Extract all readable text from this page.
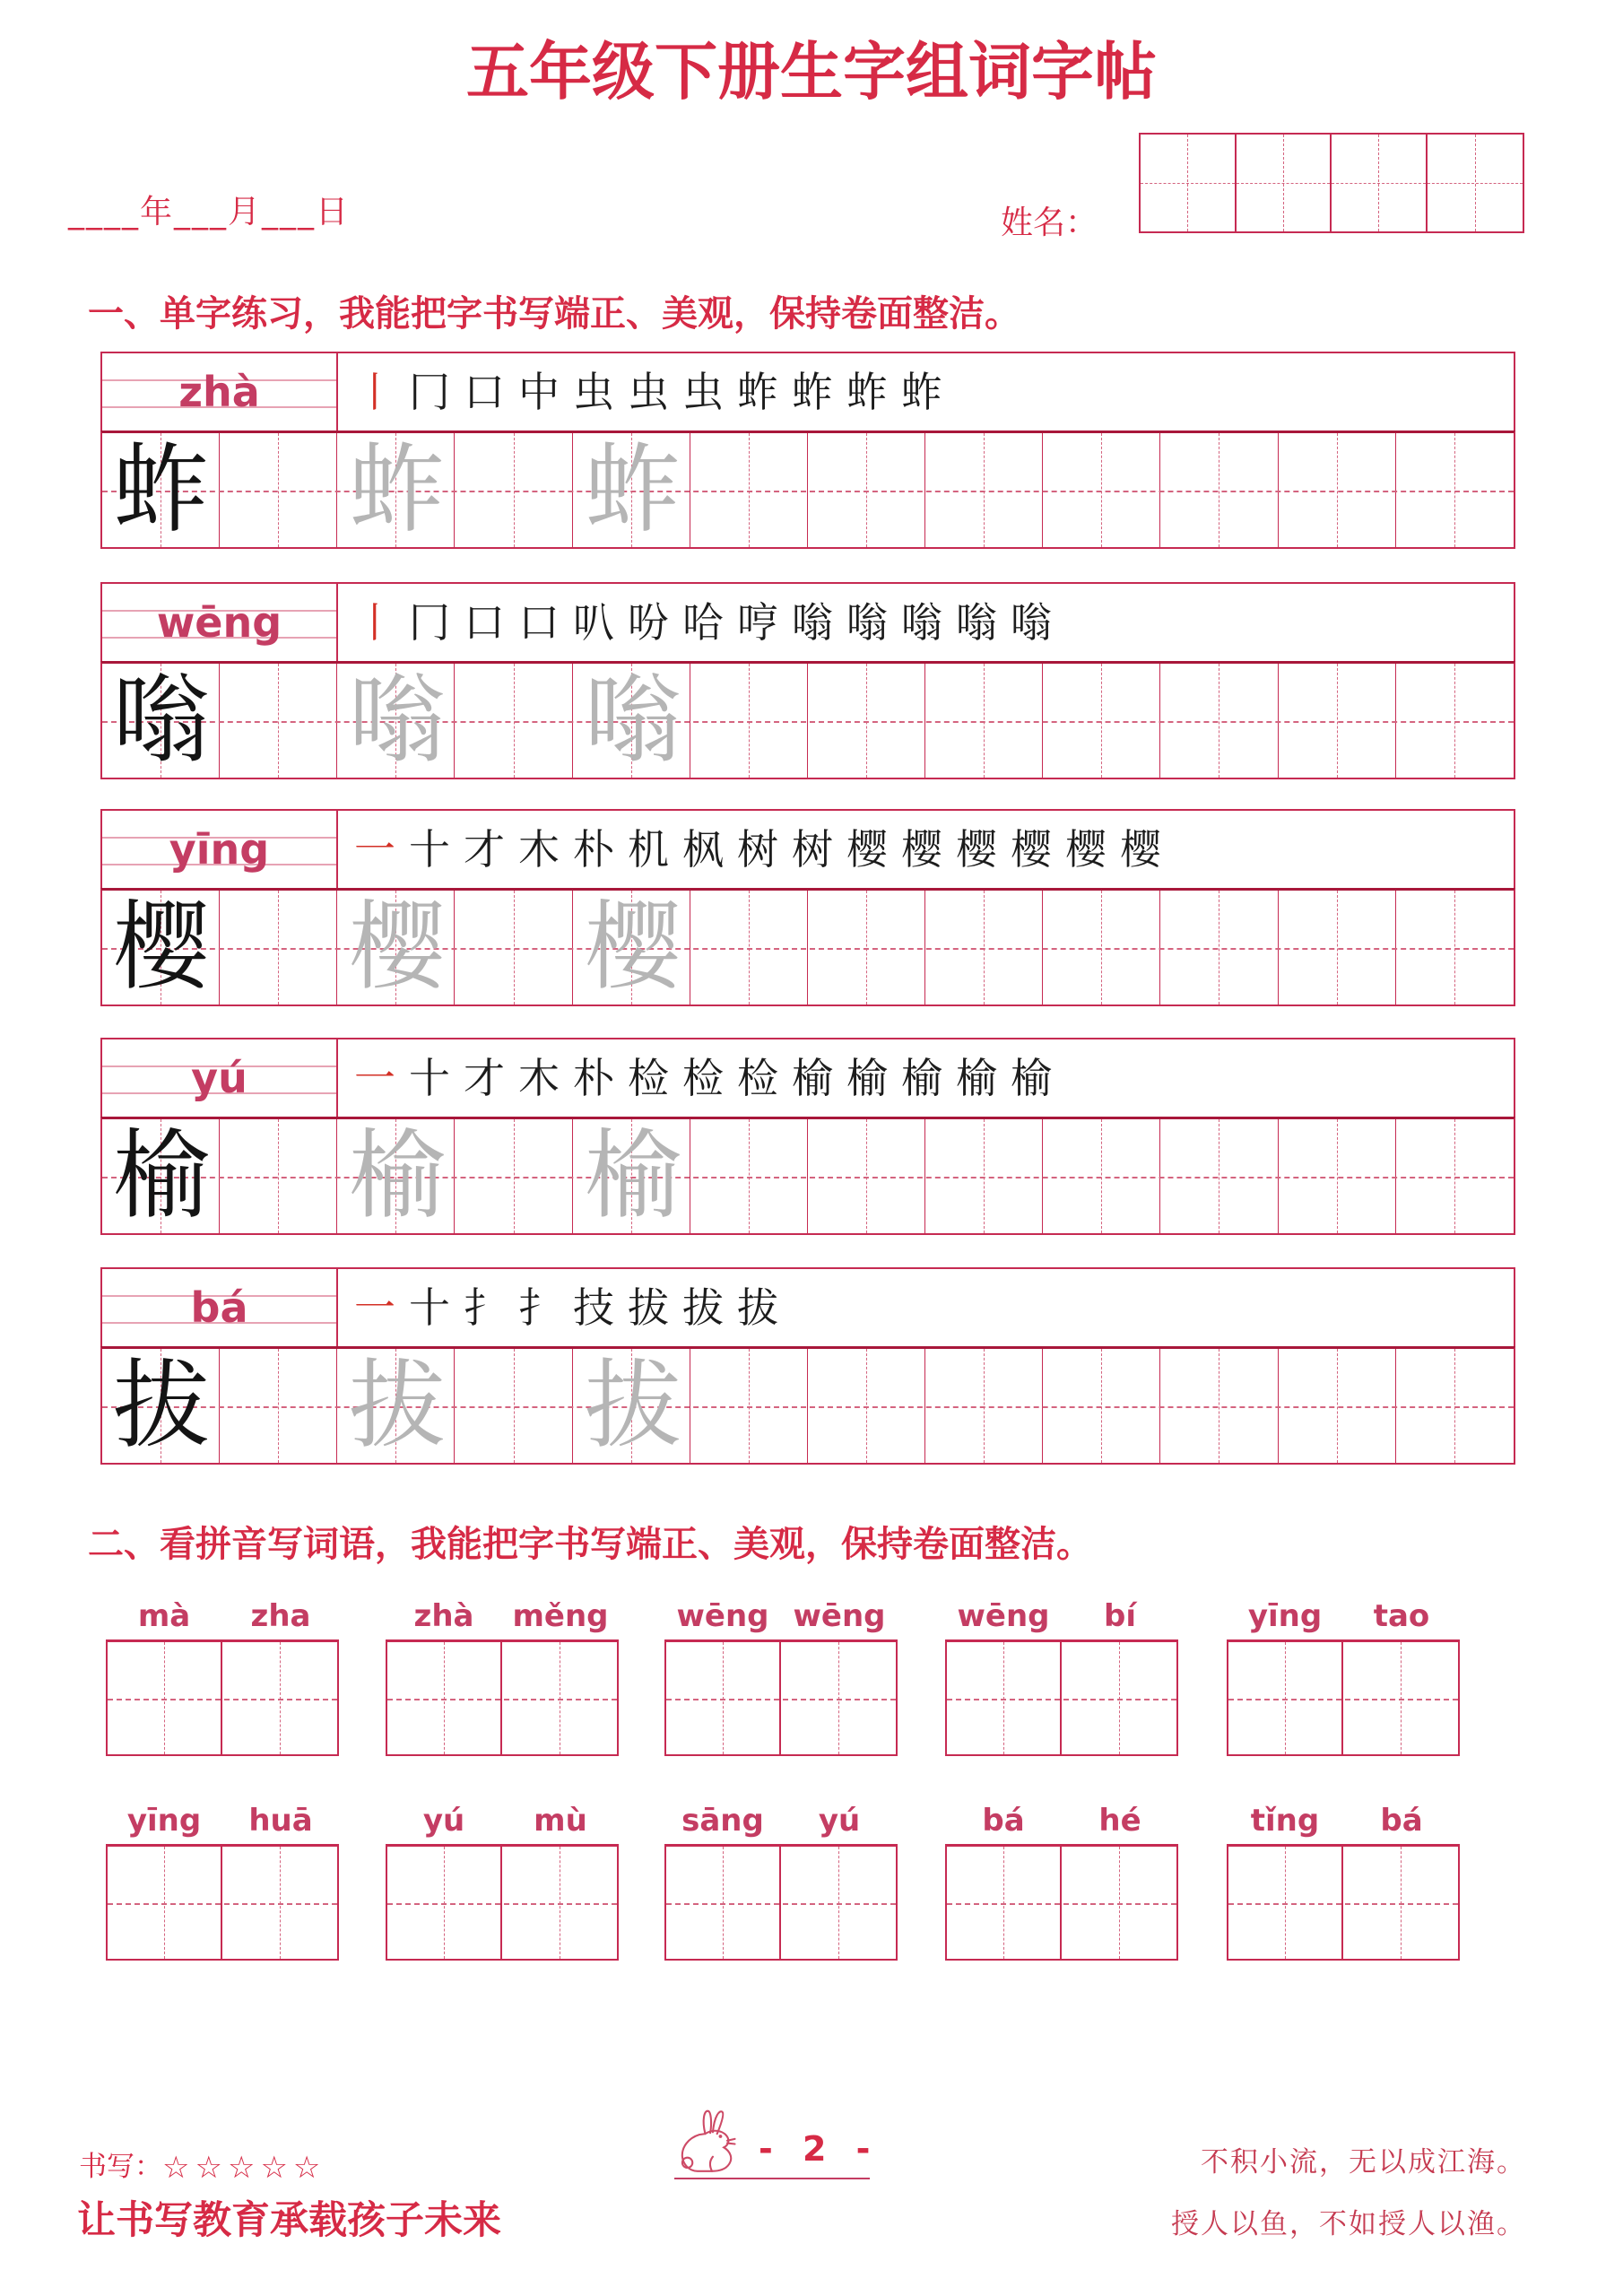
五年级下册生字组词字帖
____年___月___日	姓名：
一、单字练习，我能把字书写端正、美观，保持卷面整洁。
zhà 丨 冂 口 中 虫 虫 虫 蚱 蚱 蚱 蚱
蚱 蚱 蚱
wēng 丨 冂 口 口 叭 吩 哈 哼 嗡 嗡 嗡 嗡 嗡
嗡 嗡 嗡
yīng 一 十 才 木 朴 机 枫 树 树 樱 樱 樱 樱 樱 樱
樱 樱 樱
yú	一 十 才 木 朴 检 检 检 榆 榆 榆 榆 榆
榆 榆 榆
bá	一 十 扌 扌 技 拔 拔 拔
拔 拔 拔
二、看拼音写词语，我能把字书写端正、美观，保持卷面整洁。
mà	zha	zhà	měng	wēng wēng	wēng	bí	yīng	tao
yīng	huā	yú	mù	sāng	yú	bá	hé	tǐng	bá
书写：☆☆☆☆☆
让书写教育承载孩子未来
- 2 -	不积小流，无以成江海。
授人以鱼，不如授人以渔。
